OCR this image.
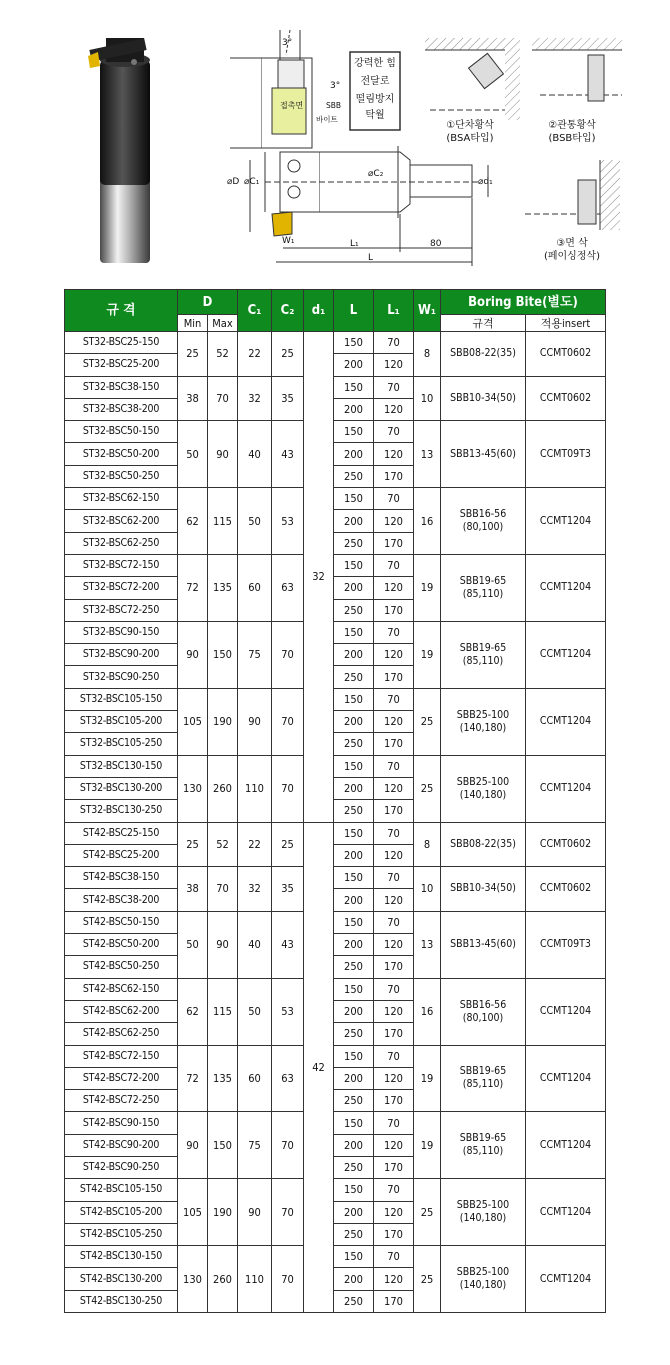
3°
3°
접촉면	SBB
바이트
강력한 힘
전달로
떨림방지
탁월
⌀D ⌀C₁
⌀C₂
⌀d₁
W₁	L₁	80
L
①단차황삭
(BSA타입)
②관통황삭
(BSB타입)
③면 삭
(페이싱정삭)
규 격	D		C₁	C₂	d₁	L	L₁	W₁	Boring Bite(별도)	
	Min	Max							규격	적용insert
ST32-BSC25-150	25	52	22	25	32	150	70	8	SBB08-22(35)	CCMT0602
ST32-BSC25-200						200	120			
ST32-BSC38-150	38	70	32	35		150	70	10	SBB10-34(50)	CCMT0602
ST32-BSC38-200						200	120			
ST32-BSC50-150	50	90	40	43		150	70	13	SBB13-45(60)	CCMT09T3
ST32-BSC50-200						200	120			
ST32-BSC50-250						250	170			
ST32-BSC62-150	62	115	50	53		150	70	16	SBB16-56 (80,100)	CCMT1204
ST32-BSC62-200						200	120			
ST32-BSC62-250						250	170			
ST32-BSC72-150	72	135	60	63		150	70	19	SBB19-65 (85,110)	CCMT1204
ST32-BSC72-200						200	120			
ST32-BSC72-250						250	170			
ST32-BSC90-150	90	150	75	70		150	70	19	SBB19-65 (85,110)	CCMT1204
ST32-BSC90-200						200	120			
ST32-BSC90-250						250	170			
ST32-BSC105-150	105	190	90	70		150	70	25	SBB25-100 (140,180)	CCMT1204
ST32-BSC105-200						200	120			
ST32-BSC105-250						250	170			
ST32-BSC130-150	130	260	110	70		150	70	25	SBB25-100 (140,180)	CCMT1204
ST32-BSC130-200						200	120			
ST32-BSC130-250						250	170			
ST42-BSC25-150	25	52	22	25	42	150	70	8	SBB08-22(35)	CCMT0602
ST42-BSC25-200						200	120			
ST42-BSC38-150	38	70	32	35		150	70	10	SBB10-34(50)	CCMT0602
ST42-BSC38-200						200	120			
ST42-BSC50-150	50	90	40	43		150	70	13	SBB13-45(60)	CCMT09T3
ST42-BSC50-200						200	120			
ST42-BSC50-250						250	170			
ST42-BSC62-150	62	115	50	53		150	70	16	SBB16-56 (80,100)	CCMT1204
ST42-BSC62-200						200	120			
ST42-BSC62-250						250	170			
ST42-BSC72-150	72	135	60	63		150	70	19	SBB19-65 (85,110)	CCMT1204
ST42-BSC72-200						200	120			
ST42-BSC72-250						250	170			
ST42-BSC90-150	90	150	75	70		150	70	19	SBB19-65 (85,110)	CCMT1204
ST42-BSC90-200						200	120			
ST42-BSC90-250						250	170			
ST42-BSC105-150	105	190	90	70		150	70	25	SBB25-100 (140,180)	CCMT1204
ST42-BSC105-200						200	120			
ST42-BSC105-250						250	170			
ST42-BSC130-150	130	260	110	70		150	70	25	SBB25-100 (140,180)	CCMT1204
ST42-BSC130-200						200	120			
ST42-BSC130-250						250	170			
